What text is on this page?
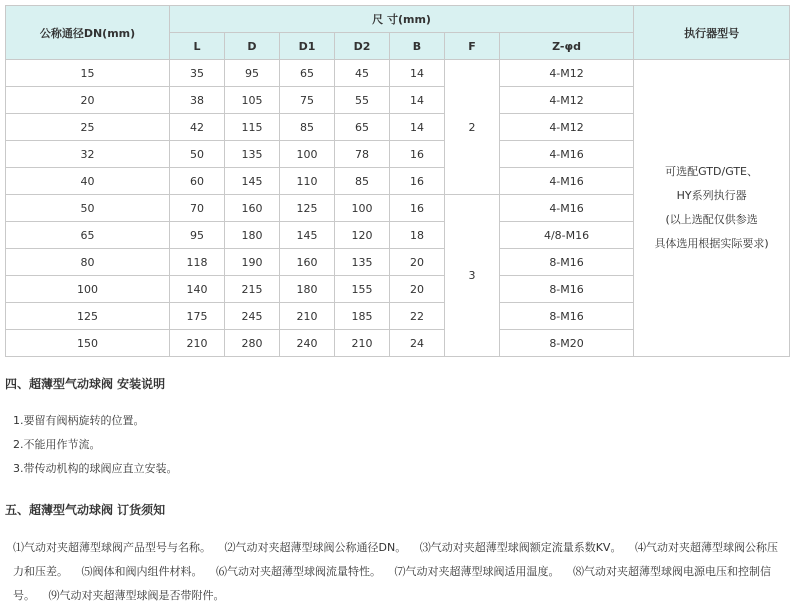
公称通径DN(mm)	尺 寸(mm)							执行器型号
	L	D	D1	D2	B	F	Z-φd	
15	35	95	65	45	14	2	4-M12	可选配GTD/GTE、
HY系列执行器
(以上选配仅供参选
具体选用根据实际要求)

20	38	105	75	55	14		4-M12	
25	42	115	85	65	14		4-M12	
32	50	135	100	78	16		4-M16	
40	60	145	110	85	16		4-M16	
50	70	160	125	100	16	3	4-M16	
65	95	180	145	120	18		4/8-M16	
80	118	190	160	135	20		8-M16	
100	140	215	180	155	20		8-M16	
125	175	245	210	185	22		8-M16	
150	210	280	240	210	24		8-M20	
四、超薄型气动球阀 安装说明
1.要留有阀柄旋转的位置。
2.不能用作节流。
3.带传动机构的球阀应直立安装。
五、超薄型气动球阀 订货须知
⑴气动对夹超薄型球阀产品型号与名称。 ⑵气动对夹超薄型球阀公称通径DN。 ⑶气动对夹超薄型球阀额定流量系数KV。 ⑷气动对夹超薄型球阀公称压力和压差。 ⑸阀体和阀内组件材料。 ⑹气动对夹超薄型球阀流量特性。 ⑺气动对夹超薄型球阀适用温度。 ⑻气动对夹超薄型球阀电源电压和控制信号。 ⑼气动对夹超薄型球阀是否带附件。
